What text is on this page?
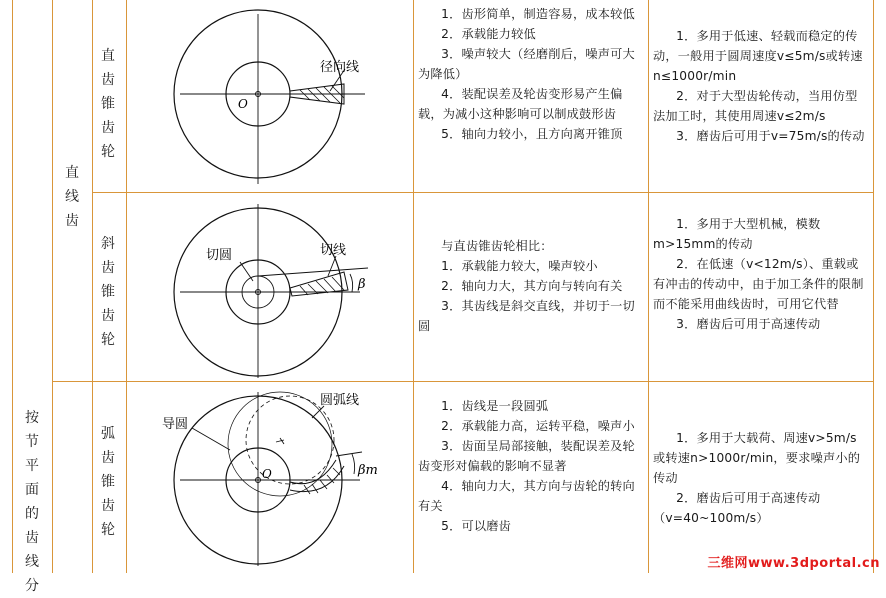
按节平面的齿线分
直线齿
直齿锥齿轮
斜齿锥齿轮
弧齿锥齿轮
径向线
O
切圆	切线
β
导圆
圆弧线
O	βm

1．齿形简单，制造容易，成本较低

2．承载能力较低

3．噪声较大（经磨削后，噪声可大为降低）

4．装配误差及轮齿变形易产生偏载，为减小这种影响可以制成鼓形齿

5．轴向力较小，且方向离开锥顶

1．多用于低速、轻载而稳定的传动，一般用于圆周速度v≤5m/s或转速n≤1000r/min

2．对于大型齿轮传动，当用仿型法加工时，其使用周速v≤2m/s

3．磨齿后可用于v=75m/s的传动

与直齿锥齿轮相比：

1．承载能力较大，噪声较小

2．轴向力大，其方向与转向有关

3．其齿线是斜交直线，并切于一切圆

1．多用于大型机械，模数m>15mm的传动

2．在低速（v<12m/s）、重载或有冲击的传动中，由于加工条件的限制而不能采用曲线齿时，可用它代替

3．磨齿后可用于高速传动

1．齿线是一段圆弧

2．承载能力高，运转平稳，噪声小

3．齿面呈局部接触，装配误差及轮齿变形对偏载的影响不显著

4．轴向力大，其方向与齿轮的转向有关

5．可以磨齿

1．多用于大载荷、周速v>5m/s或转速n>1000r/min，要求噪声小的传动

2．磨齿后可用于高速传动（v=40~100m/s）

三维网www.3dportal.cn
